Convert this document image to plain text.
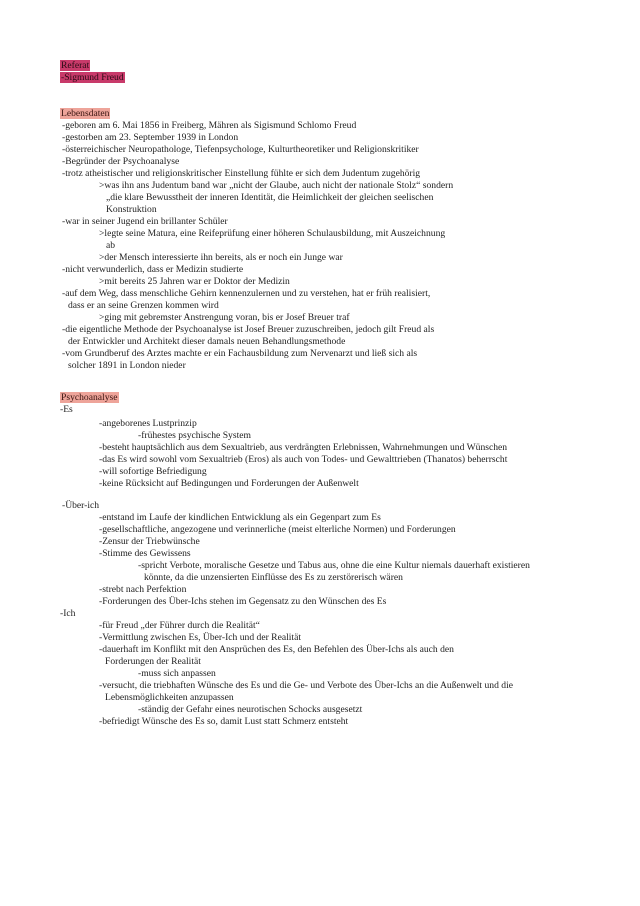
Referat
-Sigmund Freud
Lebensdaten
-geboren am 6. Mai 1856 in Freiberg, Mähren als Sigismund Schlomo Freud
-gestorben am 23. September 1939 in London
-österreichischer Neuropathologe, Tiefenpsychologe, Kulturtheoretiker und Religionskritiker
-Begründer der Psychoanalyse
-trotz atheistischer und religionskritischer Einstellung fühlte er sich dem Judentum zugehörig
>was ihn ans Judentum band war „nicht der Glaube, auch nicht der nationale Stolz“ sondern
„die klare Bewusstheit der inneren Identität, die Heimlichkeit der gleichen seelischen
Konstruktion
-war in seiner Jugend ein brillanter Schüler
>legte seine Matura, eine Reifeprüfung einer höheren Schulausbildung, mit Auszeichnung
ab
>der Mensch interessierte ihn bereits, als er noch ein Junge war
-nicht verwunderlich, dass er Medizin studierte
>mit bereits 25 Jahren war er Doktor der Medizin
-auf dem Weg, dass menschliche Gehirn kennenzulernen und zu verstehen, hat er früh realisiert,
dass er an seine Grenzen kommen wird
>ging mit gebremster Anstrengung voran, bis er Josef Breuer traf
-die eigentliche Methode der Psychoanalyse ist Josef Breuer zuzuschreiben, jedoch gilt Freud als
der Entwickler und Architekt dieser damals neuen Behandlungsmethode
-vom Grundberuf des Arztes machte er ein Fachausbildung zum Nervenarzt und ließ sich als
solcher 1891 in London nieder
Psychoanalyse
-Es
-angeborenes Lustprinzip
-frühestes psychische System
-besteht hauptsächlich aus dem Sexualtrieb, aus verdrängten Erlebnissen, Wahrnehmungen und Wünschen
-das Es wird sowohl vom Sexualtrieb (Eros) als auch von Todes- und Gewalttrieben (Thanatos) beherrscht
-will sofortige Befriedigung
-keine Rücksicht auf Bedingungen und Forderungen der Außenwelt
-Über-ich
-entstand im Laufe der kindlichen Entwicklung als ein Gegenpart zum Es
-gesellschaftliche, angezogene und verinnerliche (meist elterliche Normen) und Forderungen
-Zensur der Triebwünsche
-Stimme des Gewissens
-spricht Verbote, moralische Gesetze und Tabus aus, ohne die eine Kultur niemals dauerhaft existieren
könnte, da die unzensierten Einflüsse des Es zu zerstörerisch wären
-strebt nach Perfektion
-Forderungen des Über-Ichs stehen im Gegensatz zu den Wünschen des Es
-Ich
-für Freud „der Führer durch die Realität“
-Vermittlung zwischen Es, Über-Ich und der Realität
-dauerhaft im Konflikt mit den Ansprüchen des Es, den Befehlen des Über-Ichs als auch den
Forderungen der Realität
-muss sich anpassen
-versucht, die triebhaften Wünsche des Es und die Ge- und Verbote des Über-Ichs an die Außenwelt und die
Lebensmöglichkeiten anzupassen
-ständig der Gefahr eines neurotischen Schocks ausgesetzt
-befriedigt Wünsche des Es so, damit Lust statt Schmerz entsteht
